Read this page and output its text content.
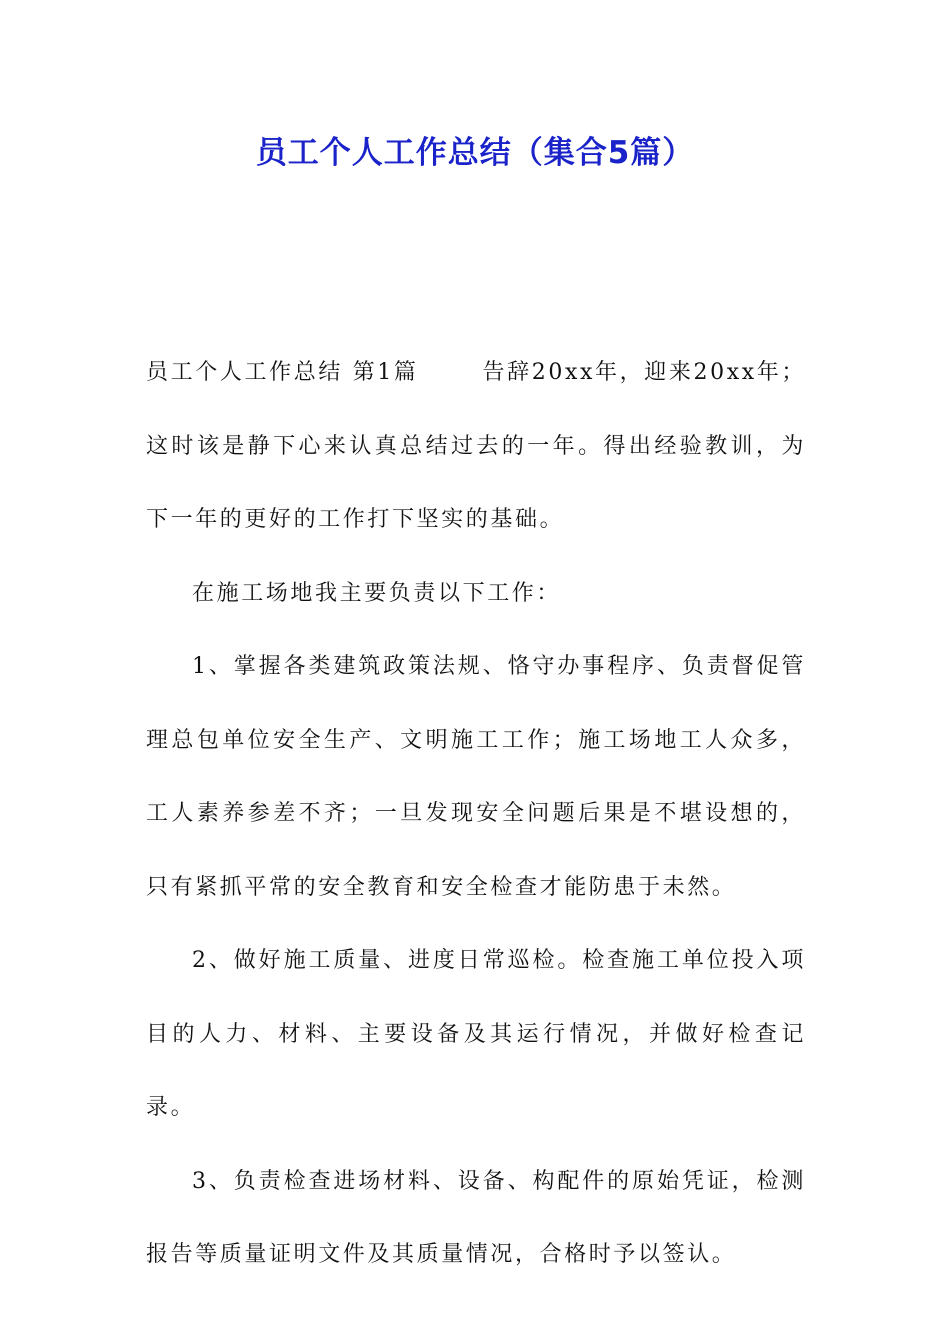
员工个人工作总结（集合5篇）

员工个人工作总结 第1篇	告辞20xx年，迎来20xx年；这时该是静下心来认真总结过去的一年。得出经验教训，为下一年的更好的工作打下坚实的基础。

在施工场地我主要负责以下工作：

1、掌握各类建筑政策法规、恪守办事程序、负责督促管理总包单位安全生产、文明施工工作；施工场地工人众多，工人素养参差不齐；一旦发现安全问题后果是不堪设想的，只有紧抓平常的安全教育和安全检查才能防患于未然。

2、做好施工质量、进度日常巡检。检查施工单位投入项目的人力、材料、主要设备及其运行情况，并做好检查记录。

3、负责检查进场材料、设备、构配件的原始凭证，检测报告等质量证明文件及其质量情况，合格时予以签认。
